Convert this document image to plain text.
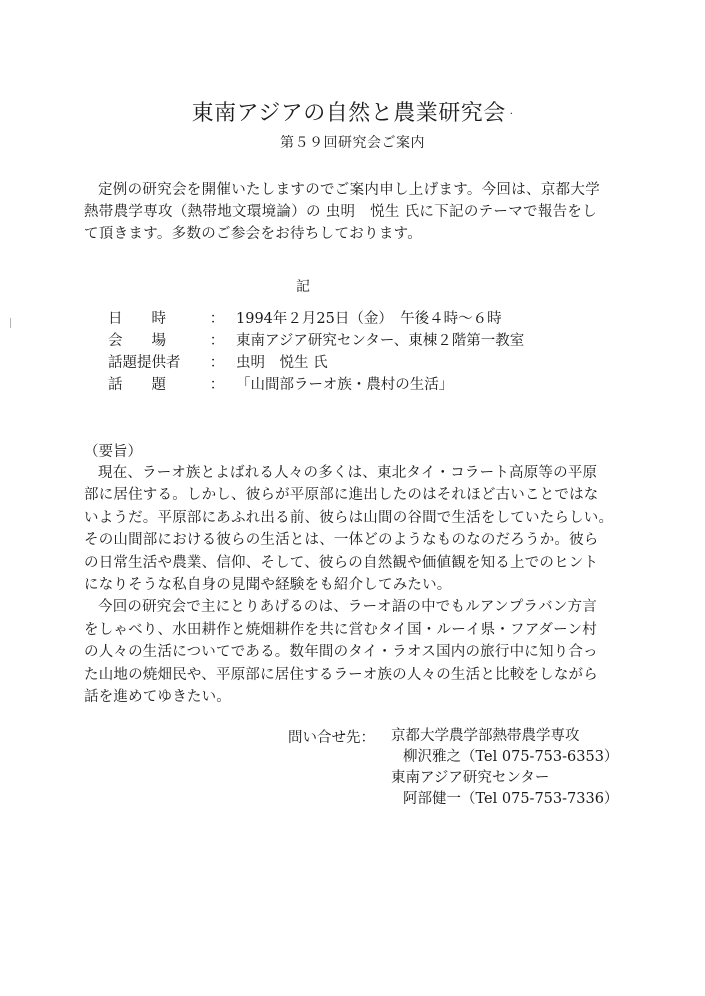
東南アジアの自然と農業研究会 ·
第５９回研究会ご案内
定例の研究会を開催いたしますのでご案内申し上げます。今回は、京都大学
熱帯農学専攻（熱帯地文環境論）の 虫明　悦生 氏に下記のテーマで報告をし
て頂きます。多数のご参会をお待ちしております。
記
日　　時	： 1994年２月25日（金）　午後４時～６時
会　　場	： 東南アジア研究センター、東棟２階第一教室
話題提供者	： 虫明　悦生 氏
話　　題	： 「山間部ラーオ族・農村の生活」
（要旨）
現在、ラーオ族とよばれる人々の多くは、東北タイ・コラート高原等の平原
部に居住する。しかし、彼らが平原部に進出したのはそれほど古いことではな
いようだ。平原部にあふれ出る前、彼らは山間の谷間で生活をしていたらしい。
その山間部における彼らの生活とは、一体どのようなものなのだろうか。彼ら
の日常生活や農業、信仰、そして、彼らの自然観や価値観を知る上でのヒント
になりそうな私自身の見聞や経験をも紹介してみたい。
今回の研究会で主にとりあげるのは、ラーオ語の中でもルアンプラバン方言
をしゃべり、水田耕作と焼畑耕作を共に営むタイ国・ルーイ県・フアダーン村
の人々の生活についてである。数年間のタイ・ラオス国内の旅行中に知り合っ
た山地の焼畑民や、平原部に居住するラーオ族の人々の生活と比較をしながら
話を進めてゆきたい。
問い合せ先： 京都大学農学部熱帯農学専攻
柳沢雅之（Tel 075-753-6353）
東南アジア研究センター
阿部健一（Tel 075-753-7336）
